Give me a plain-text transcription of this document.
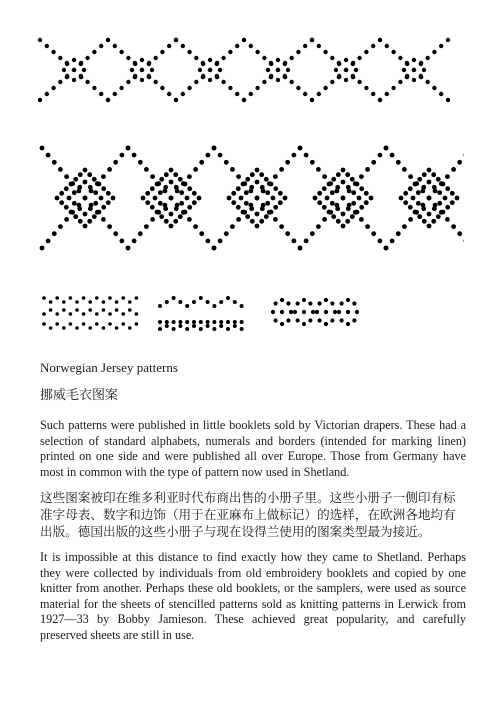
Norwegian Jersey patterns
挪威毛衣图案
Such patterns were published in little booklets sold by Victorian drapers. These had a selection of standard alphabets, numerals and borders (intended for marking linen) printed on one side and were published all over Europe. Those from Germany have most in common with the type of pattern now used in Shetland.
这些图案被印在维多利亚时代布商出售的小册子里。这些小册子一侧印有标准字母表、数字和边饰（用于在亚麻布上做标记）的选样，在欧洲各地均有出版。德国出版的这些小册子与现在设得兰使用的图案类型最为接近。
It is impossible at this distance to find exactly how they came to Shetland. Perhaps they were collected by individuals from old embroidery booklets and copied by one knitter from another. Perhaps these old booklets, or the samplers, were used as source material for the sheets of stencilled patterns sold as knitting patterns in Lerwick from 1927—33 by Bobby Jamieson. These achieved great popularity, and carefully preserved sheets are still in use.
